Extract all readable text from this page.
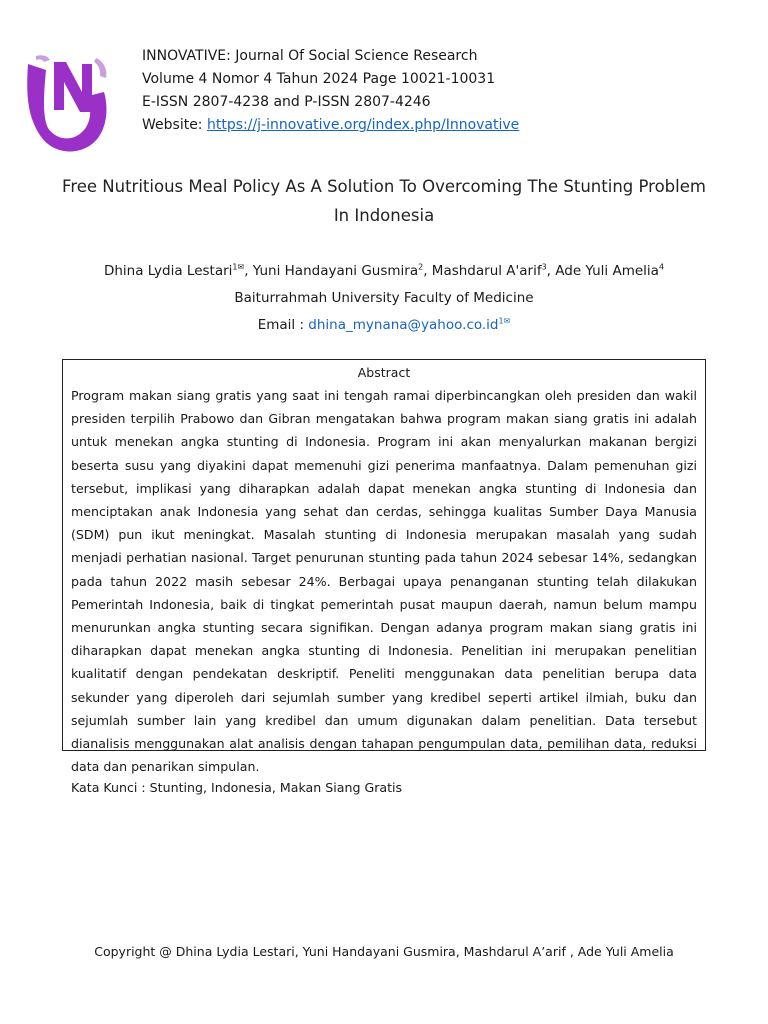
INNOVATIVE: Journal Of Social Science Research
Volume 4 Nomor 4 Tahun 2024 Page 10021-10031
E-ISSN 2807-4238 and P-ISSN 2807-4246
Website: https://j-innovative.org/index.php/Innovative
Free Nutritious Meal Policy As A Solution To Overcoming The Stunting Problem
In Indonesia
Dhina Lydia Lestari$^{1✉}$, Yuni Handayani Gusmira$^2$, Mashdarul A'arif$^3$, Ade Yuli Amelia$^4$
Baiturrahmah University Faculty of Medicine
Email : $dhina\_mynana@yahoo.co.id^{1✉}$
Abstract

Program makan siang gratis yang saat ini tengah ramai diperbincangkan oleh presiden dan wakil presiden terpilih Prabowo dan Gibran mengatakan bahwa program makan siang gratis ini adalah untuk menekan angka stunting di Indonesia. Program ini akan menyalurkan makanan bergizi beserta susu yang diyakini dapat memenuhi gizi penerima manfaatnya. Dalam pemenuhan gizi tersebut, implikasi yang diharapkan adalah dapat menekan angka stunting di Indonesia dan menciptakan anak Indonesia yang sehat dan cerdas, sehingga kualitas Sumber Daya Manusia (SDM) pun ikut meningkat. Masalah stunting di Indonesia merupakan masalah yang sudah menjadi perhatian nasional. Target penurunan stunting pada tahun 2024 sebesar 14%, sedangkan pada tahun 2022 masih sebesar 24%. Berbagai upaya penanganan stunting telah dilakukan Pemerintah Indonesia, baik di tingkat pemerintah pusat maupun daerah, namun belum mampu menurunkan angka stunting secara signifikan. Dengan adanya program makan siang gratis ini diharapkan dapat menekan angka stunting di Indonesia. Penelitian ini merupakan penelitian kualitatif dengan pendekatan deskriptif. Peneliti menggunakan data penelitian berupa data sekunder yang diperoleh dari sejumlah sumber yang kredibel seperti artikel ilmiah, buku dan sejumlah sumber lain yang kredibel dan umum digunakan dalam penelitian. Data tersebut dianalisis menggunakan alat analisis dengan tahapan pengumpulan data, pemilihan data, reduksi data dan penarikan simpulan.

Kata Kunci : Stunting, Indonesia, Makan Siang Gratis
Copyright @ Dhina Lydia Lestari, Yuni Handayani Gusmira, Mashdarul A’arif , Ade Yuli Amelia
